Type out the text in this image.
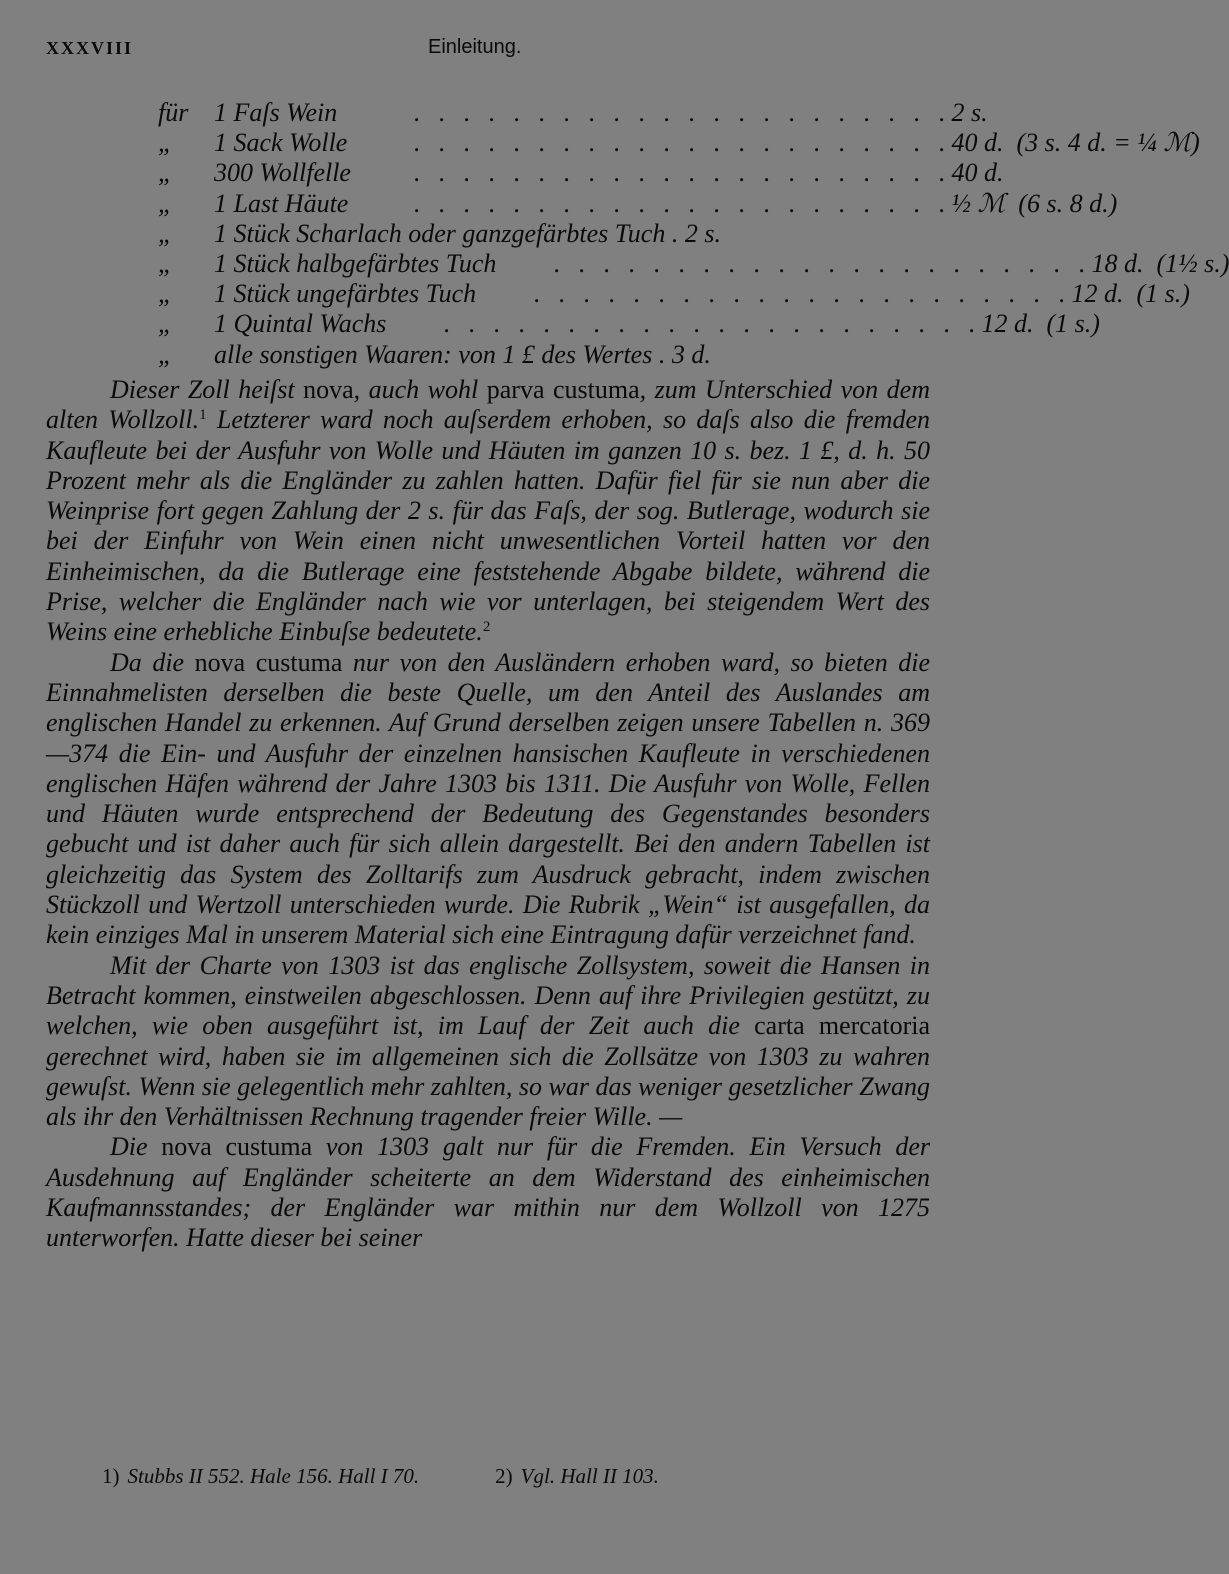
XXXVIII	Einleitung.
für 1 Faſs Wein	. . . . . . . . . . . . . . . . . . . . . . 2 s.
„	1 Sack Wolle	. . . . . . . . . . . . . . . . . . . . . . 40 d.  (3 s. 4 d. = ¼ ℳ)
„	300 Wollfelle	. . . . . . . . . . . . . . . . . . . . . . 40 d.
„	1 Last Häute	. . . . . . . . . . . . . . . . . . . . . . ½ ℳ  (6 s. 8 d.)
„	1 Stück Scharlach oder ganzgefärbtes Tuch . 2 s.
„	1 Stück halbgefärbtes Tuch	. . . . . . . . . . . . . . . . . . . . . . 18 d.  (1½ s.)
„	1 Stück ungefärbtes Tuch	. . . . . . . . . . . . . . . . . . . . . . 12 d.  (1 s.)
„	1 Quintal Wachs	. . . . . . . . . . . . . . . . . . . . . . 12 d.  (1 s.)
„	alle sonstigen Waaren: von 1 £ des Wertes . 3 d.

Dieser Zoll heiſst nova, auch wohl parva custuma, zum Unterschied von dem alten Wollzoll.$^1$ Letzterer ward noch auſserdem erhoben, so daſs also die fremden Kaufleute bei der Ausfuhr von Wolle und Häuten im ganzen 10 s. bez. 1 £, d. h. 50 Prozent mehr als die Engländer zu zahlen hatten. Dafür fiel für sie nun aber die Weinprise fort gegen Zahlung der 2 s. für das Faſs, der sog. Butlerage, wodurch sie bei der Einfuhr von Wein einen nicht unwesentlichen Vorteil hatten vor den Einheimischen, da die Butlerage eine feststehende Abgabe bildete, während die Prise, welcher die Engländer nach wie vor unterlagen, bei steigendem Wert des Weins eine erhebliche Einbuſse bedeutete.$^2$

Da die nova custuma nur von den Ausländern erhoben ward, so bieten die Einnahmelisten derselben die beste Quelle, um den Anteil des Auslandes am englischen Handel zu erkennen. Auf Grund derselben zeigen unsere Tabellen n. 369—374 die Ein- und Ausfuhr der einzelnen hansischen Kaufleute in verschiedenen englischen Häfen während der Jahre 1303 bis 1311. Die Ausfuhr von Wolle, Fellen und Häuten wurde entsprechend der Bedeutung des Gegenstandes besonders gebucht und ist daher auch für sich allein dargestellt. Bei den andern Tabellen ist gleichzeitig das System des Zolltarifs zum Ausdruck gebracht, indem zwischen Stückzoll und Wertzoll unterschieden wurde. Die Rubrik „Wein“ ist ausgefallen, da kein einziges Mal in unserem Material sich eine Eintragung dafür verzeichnet fand.

Mit der Charte von 1303 ist das englische Zollsystem, soweit die Hansen in Betracht kommen, einstweilen abgeschlossen. Denn auf ihre Privilegien gestützt, zu welchen, wie oben ausgeführt ist, im Lauf der Zeit auch die carta mercatoria gerechnet wird, haben sie im allgemeinen sich die Zollsätze von 1303 zu wahren gewuſst. Wenn sie gelegentlich mehr zahlten, so war das weniger gesetzlicher Zwang als ihr den Verhältnissen Rechnung tragender freier Wille. —

Die nova custuma von 1303 galt nur für die Fremden. Ein Versuch der Ausdehnung auf Engländer scheiterte an dem Widerstand des einheimischen Kaufmannsstandes; der Engländer war mithin nur dem Wollzoll von 1275 unterworfen. Hatte dieser bei seiner

1) Stubbs II 552. Hale 156. Hall I 70.	2) Vgl. Hall II 103.
